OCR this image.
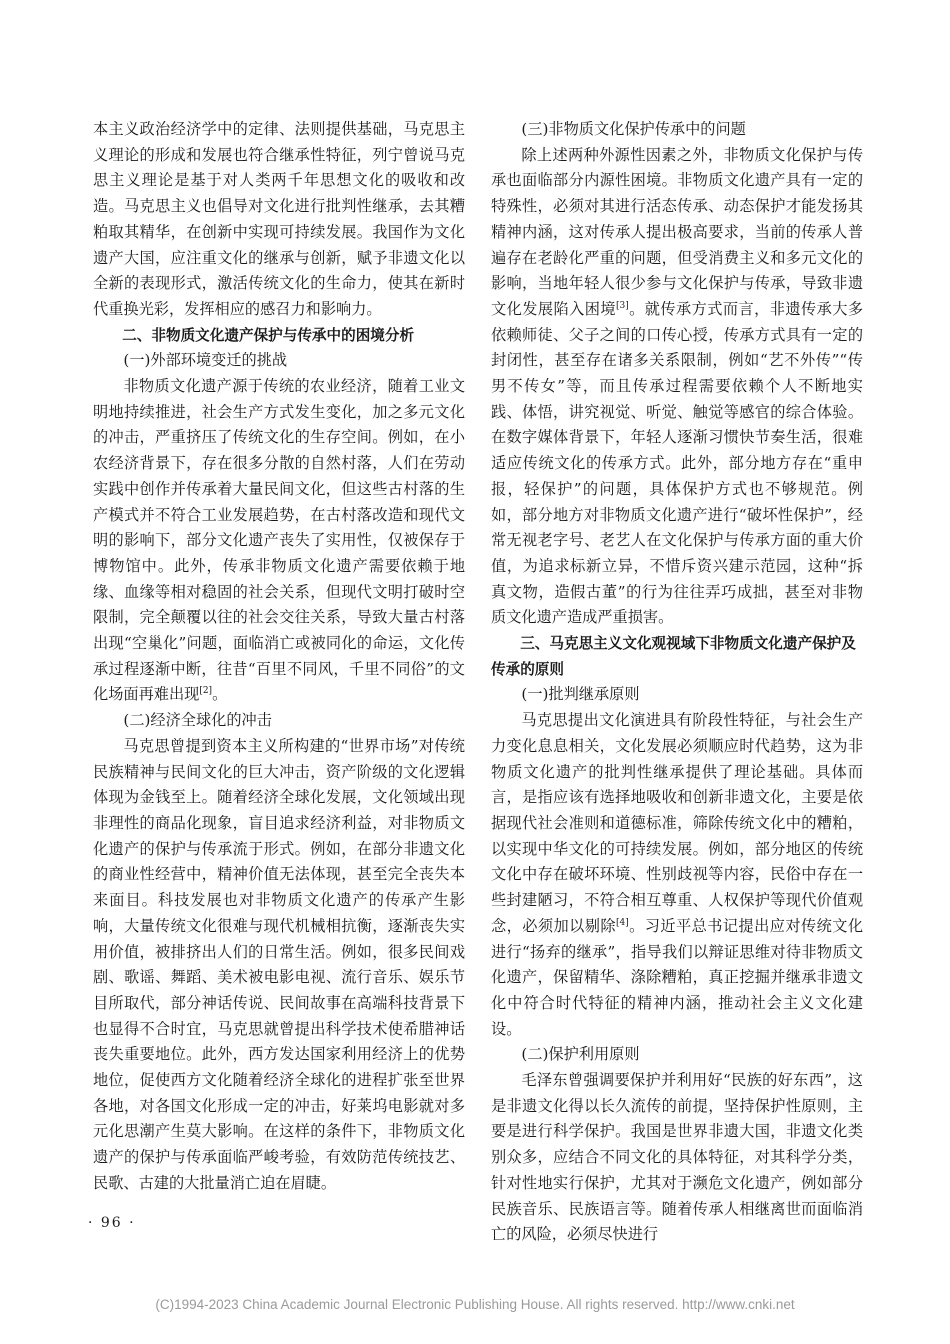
本主义政治经济学中的定律、法则提供基础，马克思主义理论的形成和发展也符合继承性特征，列宁曾说马克思主义理论是基于对人类两千年思想文化的吸收和改造。马克思主义也倡导对文化进行批判性继承，去其糟粕取其精华，在创新中实现可持续发展。我国作为文化遗产大国，应注重文化的继承与创新，赋予非遗文化以全新的表现形式，激活传统文化的生命力，使其在新时代重换光彩，发挥相应的感召力和影响力。

二、非物质文化遗产保护与传承中的困境分析

(一)外部环境变迁的挑战

非物质文化遗产源于传统的农业经济，随着工业文明地持续推进，社会生产方式发生变化，加之多元文化的冲击，严重挤压了传统文化的生存空间。例如，在小农经济背景下，存在很多分散的自然村落，人们在劳动实践中创作并传承着大量民间文化，但这些古村落的生产模式并不符合工业发展趋势，在古村落改造和现代文明的影响下，部分文化遗产丧失了实用性，仅被保存于博物馆中。此外，传承非物质文化遗产需要依赖于地缘、血缘等相对稳固的社会关系，但现代文明打破时空限制，完全颠覆以往的社会交往关系，导致大量古村落出现“空巢化”问题，面临消亡或被同化的命运，文化传承过程逐渐中断，往昔“百里不同风，千里不同俗”的文化场面再难出现[2]。

(二)经济全球化的冲击

马克思曾提到资本主义所构建的“世界市场”对传统民族精神与民间文化的巨大冲击，资产阶级的文化逻辑体现为金钱至上。随着经济全球化发展，文化领域出现非理性的商品化现象，盲目追求经济利益，对非物质文化遗产的保护与传承流于形式。例如，在部分非遗文化的商业性经营中，精神价值无法体现，甚至完全丧失本来面目。科技发展也对非物质文化遗产的传承产生影响，大量传统文化很难与现代机械相抗衡，逐渐丧失实用价值，被排挤出人们的日常生活。例如，很多民间戏剧、歌谣、舞蹈、美术被电影电视、流行音乐、娱乐节目所取代，部分神话传说、民间故事在高端科技背景下也显得不合时宜，马克思就曾提出科学技术使希腊神话丧失重要地位。此外，西方发达国家利用经济上的优势地位，促使西方文化随着经济全球化的进程扩张至世界各地，对各国文化形成一定的冲击，好莱坞电影就对多元化思潮产生莫大影响。在这样的条件下，非物质文化遗产的保护与传承面临严峻考验，有效防范传统技艺、民歌、古建的大批量消亡迫在眉睫。

(三)非物质文化保护传承中的问题

除上述两种外源性因素之外，非物质文化保护与传承也面临部分内源性困境。非物质文化遗产具有一定的特殊性，必须对其进行活态传承、动态保护才能发扬其精神内涵，这对传承人提出极高要求，当前的传承人普遍存在老龄化严重的问题，但受消费主义和多元文化的影响，当地年轻人很少参与文化保护与传承，导致非遗文化发展陷入困境[3]。就传承方式而言，非遗传承大多依赖师徒、父子之间的口传心授，传承方式具有一定的封闭性，甚至存在诸多关系限制，例如“艺不外传”“传男不传女”等，而且传承过程需要依赖个人不断地实践、体悟，讲究视觉、听觉、触觉等感官的综合体验。在数字媒体背景下，年轻人逐渐习惯快节奏生活，很难适应传统文化的传承方式。此外，部分地方存在“重申报，轻保护”的问题，具体保护方式也不够规范。例如，部分地方对非物质文化遗产进行“破坏性保护”，经常无视老字号、老艺人在文化保护与传承方面的重大价值，为追求标新立异，不惜斥资兴建示范园，这种“拆真文物，造假古董”的行为往往弄巧成拙，甚至对非物质文化遗产造成严重损害。

三、马克思主义文化观视域下非物质文化遗产保护及传承的原则

(一)批判继承原则

马克思提出文化演进具有阶段性特征，与社会生产力变化息息相关，文化发展必须顺应时代趋势，这为非物质文化遗产的批判性继承提供了理论基础。具体而言，是指应该有选择地吸收和创新非遗文化，主要是依据现代社会准则和道德标准，筛除传统文化中的糟粕，以实现中华文化的可持续发展。例如，部分地区的传统文化中存在破坏环境、性别歧视等内容，民俗中存在一些封建陋习，不符合相互尊重、人权保护等现代价值观念，必须加以剔除[4]。习近平总书记提出应对传统文化进行“扬弃的继承”，指导我们以辩证思维对待非物质文化遗产，保留精华、涤除糟粕，真正挖掘并继承非遗文化中符合时代特征的精神内涵，推动社会主义文化建设。

(二)保护利用原则

毛泽东曾强调要保护并利用好“民族的好东西”，这是非遗文化得以长久流传的前提，坚持保护性原则，主要是进行科学保护。我国是世界非遗大国，非遗文化类别众多，应结合不同文化的具体特征，对其科学分类，针对性地实行保护，尤其对于濒危文化遗产，例如部分民族音乐、民族语言等。随着传承人相继离世而面临消亡的风险，必须尽快进行

· 96 ·
(C)1994-2023 China Academic Journal Electronic Publishing House. All rights reserved. http://www.cnki.net
